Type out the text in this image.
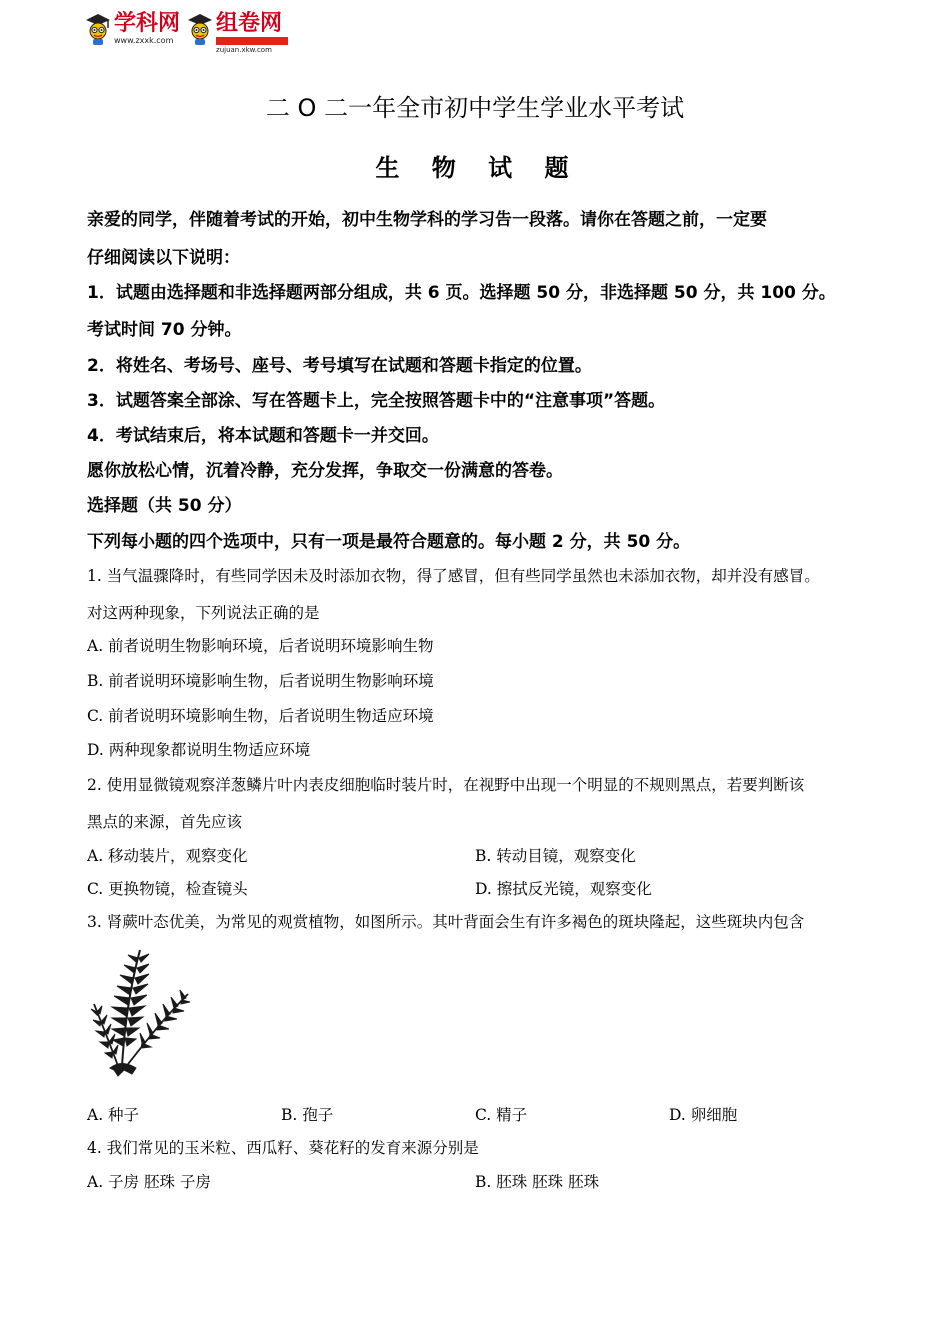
学科网
www.zxxk.com
组卷网
zujuan.xkw.com
二 O 二一年全市初中学生学业水平考试
生 物 试 题
亲爱的同学，伴随着考试的开始，初中生物学科的学习告一段落。请你在答题之前，一定要
仔细阅读以下说明：
1．试题由选择题和非选择题两部分组成，共 6 页。选择题 50 分，非选择题 50 分，共 100 分。
考试时间 70 分钟。
2．将姓名、考场号、座号、考号填写在试题和答题卡指定的位置。
3．试题答案全部涂、写在答题卡上，完全按照答题卡中的“注意事项”答题。
4．考试结束后，将本试题和答题卡一并交回。
愿你放松心情，沉着冷静，充分发挥，争取交一份满意的答卷。
选择题（共 50 分）
下列每小题的四个选项中，只有一项是最符合题意的。每小题 2 分，共 50 分。
1. 当气温骤降时，有些同学因未及时添加衣物，得了感冒，但有些同学虽然也未添加衣物，却并没有感冒。
对这两种现象，下列说法正确的是
A. 前者说明生物影响环境，后者说明环境影响生物
B. 前者说明环境影响生物，后者说明生物影响环境
C. 前者说明环境影响生物，后者说明生物适应环境
D. 两种现象都说明生物适应环境
2. 使用显微镜观察洋葱鳞片叶内表皮细胞临时装片时，在视野中出现一个明显的不规则黑点，若要判断该
黑点的来源，首先应该
A. 移动装片，观察变化	B. 转动目镜，观察变化
C. 更换物镜，检查镜头	D. 擦拭反光镜，观察变化
3. 肾蕨叶态优美，为常见的观赏植物，如图所示。其叶背面会生有许多褐色的斑块隆起，这些斑块内包含
A. 种子	B. 孢子	C. 精子	D. 卵细胞
4. 我们常见的玉米粒、西瓜籽、葵花籽的发育来源分别是
A. 子房 胚珠 子房	B. 胚珠 胚珠 胚珠
